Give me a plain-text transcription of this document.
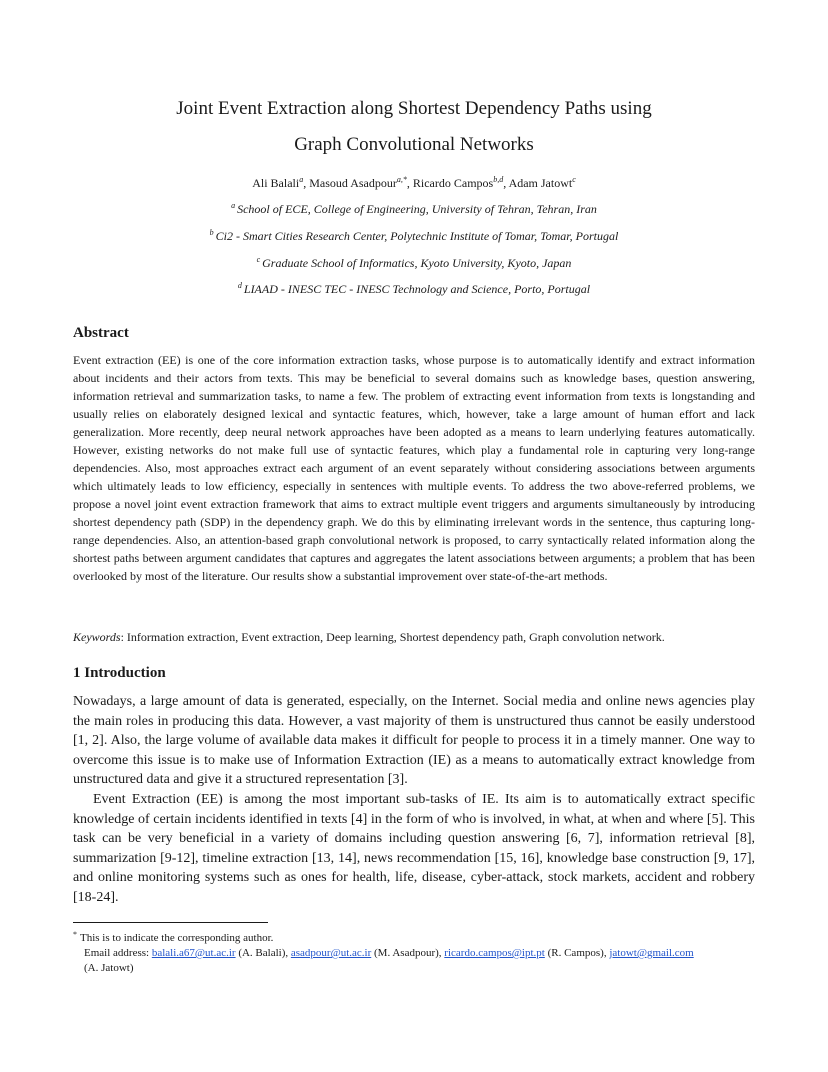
Joint Event Extraction along Shortest Dependency Paths using
Graph Convolutional Networks
Ali Balali$^a$, Masoud Asadpour$^{a,*}$, Ricardo Campos$^{b,d}$, Adam Jatowt$^c$
$^a$ School of ECE, College of Engineering, University of Tehran, Tehran, Iran
$^b$ Ci2 - Smart Cities Research Center, Polytechnic Institute of Tomar, Tomar, Portugal
$^c$ Graduate School of Informatics, Kyoto University, Kyoto, Japan
$^d$ LIAAD - INESC TEC - INESC Technology and Science, Porto, Portugal
Abstract
Event extraction (EE) is one of the core information extraction tasks, whose purpose is to automatically identify and extract information about incidents and their actors from texts. This may be beneficial to several domains such as knowledge bases, question answering, information retrieval and summarization tasks, to name a few. The problem of extracting event information from texts is longstanding and usually relies on elaborately designed lexical and syntactic features, which, however, take a large amount of human effort and lack generalization. More recently, deep neural network approaches have been adopted as a means to learn underlying features automatically. However, existing networks do not make full use of syntactic features, which play a fundamental role in capturing very long-range dependencies. Also, most approaches extract each argument of an event separately without considering associations between arguments which ultimately leads to low efficiency, especially in sentences with multiple events. To address the two above-referred problems, we propose a novel joint event extraction framework that aims to extract multiple event triggers and arguments simultaneously by introducing shortest dependency path (SDP) in the dependency graph. We do this by eliminating irrelevant words in the sentence, thus capturing long-range dependencies. Also, an attention-based graph convolutional network is proposed, to carry syntactically related information along the shortest paths between argument candidates that captures and aggregates the latent associations between arguments; a problem that has been overlooked by most of the literature. Our results show a substantial improvement over state-of-the-art methods.
Keywords: Information extraction, Event extraction, Deep learning, Shortest dependency path, Graph convolution network.
1 Introduction

Nowadays, a large amount of data is generated, especially, on the Internet. Social media and online news agencies play the main roles in producing this data. However, a vast majority of them is unstructured thus cannot be easily understood [1, 2]. Also, the large volume of available data makes it difficult for people to process it in a timely manner. One way to overcome this issue is to make use of Information Extraction (IE) as a means to automatically extract knowledge from unstructured data and give it a structured representation [3].

Event Extraction (EE) is among the most important sub-tasks of IE. Its aim is to automatically extract specific knowledge of certain incidents identified in texts [4] in the form of who is involved, in what, at when and where [5]. This task can be very beneficial in a variety of domains including question answering [6, 7], information retrieval [8], summarization [9-12], timeline extraction [13, 14], news recommendation [15, 16], knowledge base construction [9, 17], and online monitoring systems such as ones for health, life, disease, cyber-attack, stock markets, accident and robbery [18-24].

* This is to indicate the corresponding author.
Email address: balali.a67@ut.ac.ir (A. Balali), asadpour@ut.ac.ir (M. Asadpour), ricardo.campos@ipt.pt (R. Campos), jatowt@gmail.com
(A. Jatowt)
